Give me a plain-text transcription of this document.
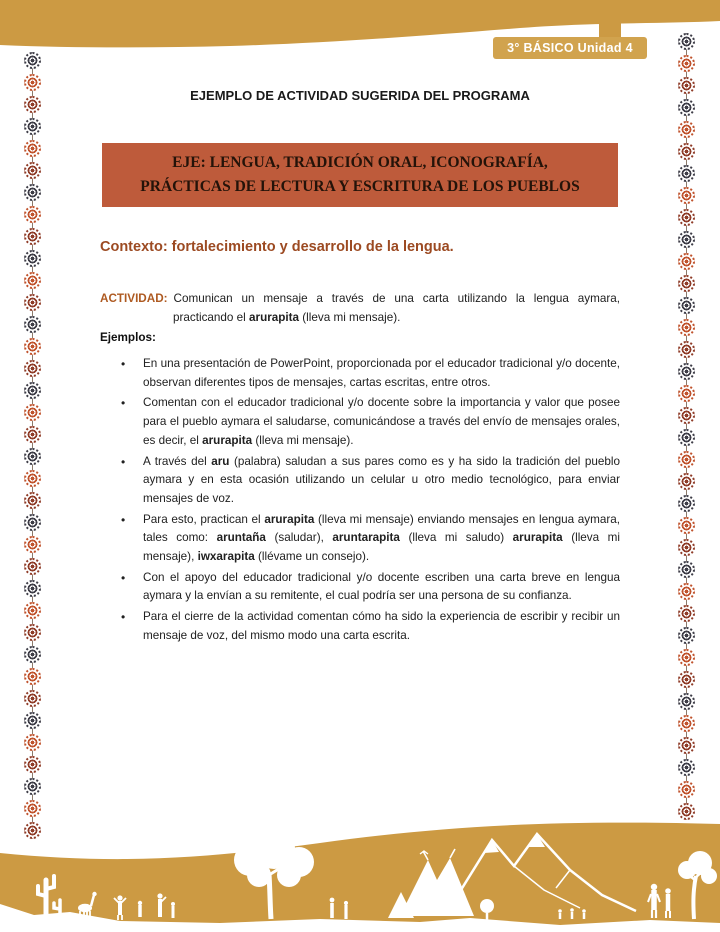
3° BÁSICO Unidad 4
EJEMPLO DE ACTIVIDAD SUGERIDA DEL PROGRAMA
EJE: LENGUA, TRADICIÓN ORAL, ICONOGRAFÍA,
PRÁCTICAS DE LECTURA Y ESCRITURA DE LOS PUEBLOS
Contexto: fortalecimiento y desarrollo de la lengua.

ACTIVIDAD: Comunican un mensaje a través de una carta utilizando la lengua aymara, practicando el arurapita (lleva mi mensaje).

Ejemplos:
• En una presentación de PowerPoint, proporcionada por el educador tradicional y/o docente, observan diferentes tipos de mensajes, cartas escritas, entre otros.
• Comentan con el educador tradicional y/o docente sobre la importancia y valor que posee para el pueblo aymara el saludarse, comunicándose a través del envío de mensajes orales, es decir, el arurapita (lleva mi mensaje).
• A través del aru (palabra) saludan a sus pares como es y ha sido la tradición del pueblo aymara y en esta ocasión utilizando un celular u otro medio tecnológico, para enviar mensajes de voz.
• Para esto, practican el arurapita (lleva mi mensaje) enviando mensajes en lengua aymara, tales como: aruntaña (saludar), aruntarapita (lleva mi saludo) arurapita (lleva mi mensaje), iwxarapita (llévame un consejo).
• Con el apoyo del educador tradicional y/o docente escriben una carta breve en lengua aymara y la envían a su remitente, el cual podría ser una persona de su confianza.
• Para el cierre de la actividad comentan cómo ha sido la experiencia de escribir y recibir un mensaje de voz, del mismo modo una carta escrita.
